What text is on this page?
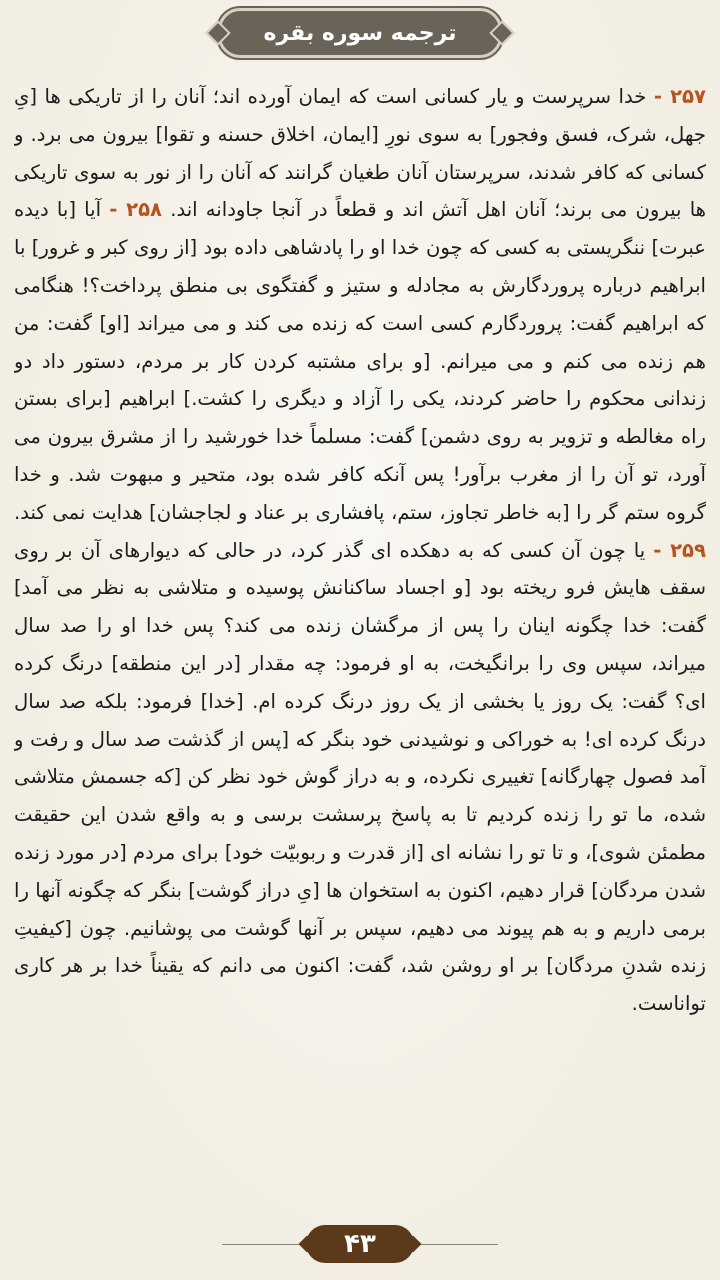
ترجمه سوره بقره
۲۵۷ - خدا سرپرست و یار کسانی است که ایمان آورده اند؛ آنان را از تاریکی ها [یِ جهل، شرک، فسق وفجور] به سوی نورِ [ایمان، اخلاق حسنه و تقوا] بیرون می برد. و کسانی که کافر شدند، سرپرستان آنان طغیان گرانند که آنان را از نور به سوی تاریکی ها بیرون می برند؛ آنان اهل آتش اند و قطعاً در آنجا جاودانه اند. ۲۵۸ - آیا [با دیده عبرت] ننگریستی به کسی که چون خدا او را پادشاهی داده بود [از روی کبر و غرور] با ابراهیم درباره پروردگارش به مجادله و ستیز و گفتگوی بی منطق پرداخت؟! هنگامی که ابراهیم گفت: پروردگارم کسی است که زنده می کند و می میراند [او] گفت: من هم زنده می کنم و می میرانم. [و برای مشتبه کردن کار بر مردم، دستور داد دو زندانی محکوم را حاضر کردند، یکی را آزاد و دیگری را کشت.] ابراهیم [برای بستن راه مغالطه و تزویر به روی دشمن] گفت: مسلماً خدا خورشید را از مشرق بیرون می آورد، تو آن را از مغرب برآور! پس آنکه کافر شده بود، متحیر و مبهوت شد. و خدا گروه ستم گر را [به خاطر تجاوز، ستم، پافشاری بر عناد و لجاجشان] هدایت نمی کند. ۲۵۹ - یا چون آن کسی که به دهکده ای گذر کرد، در حالی که دیوارهای آن بر روی سقف هایش فرو ریخته بود [و اجساد ساکنانش پوسیده و متلاشی به نظر می آمد] گفت: خدا چگونه اینان را پس از مرگشان زنده می کند؟ پس خدا او را صد سال میراند، سپس وی را برانگیخت، به او فرمود: چه مقدار [در این منطقه] درنگ کرده ای؟ گفت: یک روز یا بخشی از یک روز درنگ کرده ام. [خدا] فرمود: بلکه صد سال درنگ کرده ای! به خوراکی و نوشیدنی خود بنگر که [پس از گذشت صد سال و رفت و آمد فصول چهارگانه] تغییری نکرده، و به دراز گوش خود نظر کن [که جسمش متلاشی شده، ما تو را زنده کردیم تا به پاسخ پرسشت برسی و به واقع شدن این حقیقت مطمئن شوی]، و تا تو را نشانه ای [از قدرت و ربوبیّت خود] برای مردم [در مورد زنده شدن مردگان] قرار دهیم، اکنون به استخوان ها [یِ دراز گوشت] بنگر که چگونه آنها را برمی داریم و به هم پیوند می دهیم، سپس بر آنها گوشت می پوشانیم. چون [کیفیتِ زنده شدنِ مردگان] بر او روشن شد، گفت: اکنون می دانم که یقیناً خدا بر هر کاری تواناست.
۴۳
